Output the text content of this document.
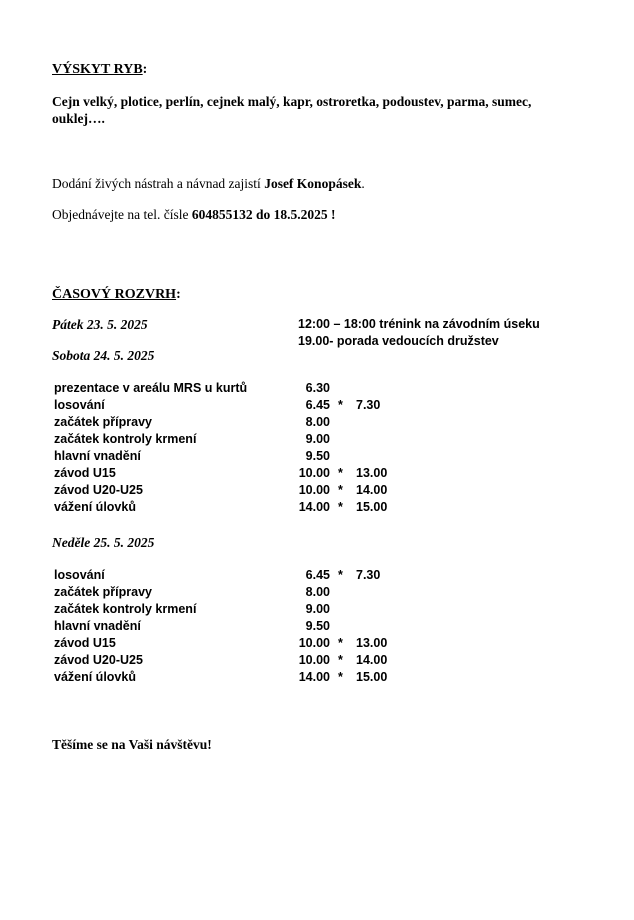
VÝSKYT RYB:
Cejn velký, plotice, perlín, cejnek malý, kapr, ostroretka, podoustev, parma, sumec, ouklej….
Dodání živých nástrah a návnad zajistí Josef Konopásek.
Objednávejte na tel. čísle 604855132 do 18.5.2025 !
ČASOVÝ ROZVRH:
Pátek 23. 5. 2025	12:00 – 18:00 trénink na závodním úseku
19.00- porada vedoucích družstev
Sobota 24. 5. 2025
prezentace v areálu MRS u kurtů	6.30
losování	6.45 * 7.30
začátek přípravy	8.00
začátek kontroly krmení	9.00
hlavní vnadění	9.50
závod U15	10.00 * 13.00
závod U20-U25	10.00 * 14.00
vážení úlovků	14.00 * 15.00
Neděle 25. 5. 2025
losování	6.45 * 7.30
začátek přípravy	8.00
začátek kontroly krmení	9.00
hlavní vnadění	9.50
závod U15	10.00 * 13.00
závod U20-U25	10.00 * 14.00
vážení úlovků	14.00 * 15.00
Těšíme se na Vaši návštěvu!
